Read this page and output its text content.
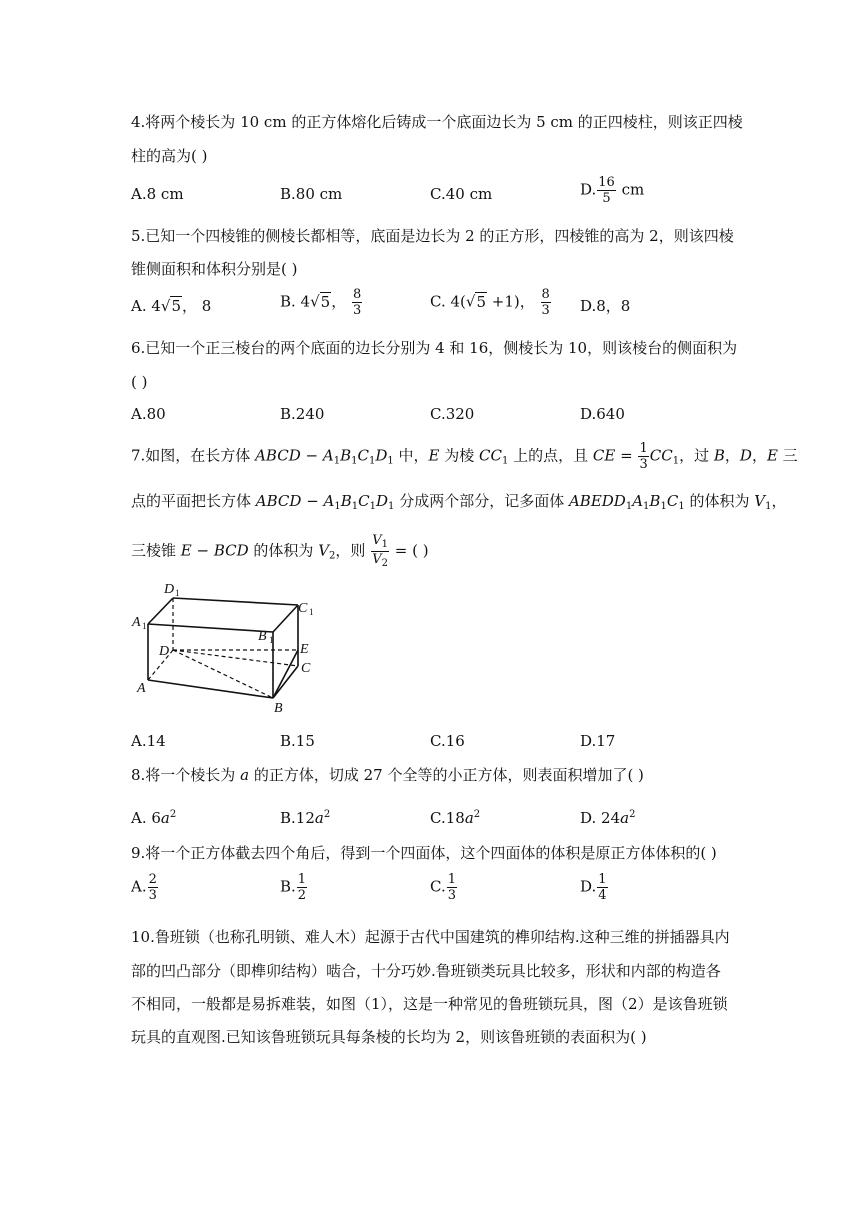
4.将两个棱长为 10 cm 的正方体熔化后铸成一个底面边长为 5 cm 的正四棱柱，则该正四棱
柱的高为( )
A.8 cm	B.80 cm	C.40 cm	D. $\frac{16}{5}$ cm
5.已知一个四棱锥的侧棱长都相等，底面是边长为 2 的正方形，四棱锥的高为 2，则该四棱
锥侧面积和体积分别是( )
A. 4√5， 8	B. 4√5， $\frac{8}{3}$	C. 4(√5 +1)， $\frac{8}{3} D.8$，8
6.已知一个正三棱台的两个底面的边长分别为 4 和 16，侧棱长为 10，则该棱台的侧面积为
( )
A.80	B.240	C.320	D.640
7.如图，在长方体 ABCD − $A_1B_1C_1D_1$ 中，E 为棱 $CC_1$ 上的点，且 CE = $\frac{1}{3} CC_1$，过 B，D，E 三
点的平面把长方体 ABCD − $A_1B_1C_1D_1$ 分成两个部分，记多面体 $ABEDD_1A_1B_1C_1$ 的体积为 $V_1$，
三棱锥 E − BCD 的体积为 $V_2$，则 $\frac{V_1}{V_2}$ = ( )
D 1
C 1
A 1
B 1
D	E
C
A
B
A.14	B.15	C.16	D.17
8.将一个棱长为 a 的正方体，切成 27 个全等的小正方体，则表面积增加了( )
A. $6a^2$	$B.12a^2$	$C.18a^2$	D. $24a^2$
9.将一个正方体截去四个角后，得到一个四面体，这个四面体的体积是原正方体体积的( )
A. $\frac{2}{3}$	B. $\frac{1}{2}$	C. $\frac{1}{3}$	D. $\frac{1}{4}$
10.鲁班锁（也称孔明锁、难人木）起源于古代中国建筑的榫卯结构.这种三维的拼插器具内
部的凹凸部分（即榫卯结构）啮合，十分巧妙.鲁班锁类玩具比较多，形状和内部的构造各
不相同，一般都是易拆难装，如图（1），这是一种常见的鲁班锁玩具，图（2）是该鲁班锁
玩具的直观图.已知该鲁班锁玩具每条棱的长均为 2，则该鲁班锁的表面积为( )
